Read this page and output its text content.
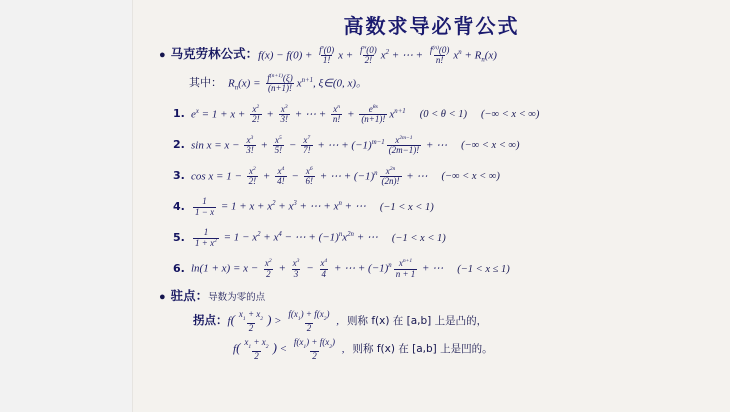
高数求导必背公式
● 马克劳林公式： $f(x) - f(0) + \frac{f'(0)}{1!}$ $x + \frac{f''(0)}{2!} x^2$ + ⋯ + $\frac{f^{(n)}(0)}{n!} x^n + R_n(x)$
其中： $R_n(x) = \frac{f^{(n+1)}(\xi)}{(n+1)!} x^{n+1}$, ξ∈(0, x)。
1. $e^x = 1 + x + \frac{x^2}{2!} + \frac{x^3}{3!}$ + ⋯ + $\frac{x^n}{n!} + \frac{e^{\theta x}}{(n+1)!} x^{n+1}$ (0 < θ < 1) (−∞ < x < ∞)
2. $\sin x = x - \frac{x^3}{3!} + \frac{x^5}{5!} - \frac{x^7}{7!}$ + ⋯ + $(-1)^{m-1} \frac{x^{2m-1}}{(2m-1)!}$ + ⋯ (−∞ < x < ∞)
3. $\cos x = 1 - \frac{x^2}{2!} + \frac{x^4}{4!} - \frac{x^6}{6!}$ + ⋯ + $(-1)^n \frac{x^{2n}}{(2n)!}$ + ⋯ (−∞ < x < ∞)
4. $\frac{1}{1 - x} = 1 + x + x^2 + x^3$ + ⋯ + $x^n$ + ⋯ (−1 < x < 1)
5. $\frac{1}{1 + x^2} = 1 - x^2 + x^4$ − ⋯ + $(-1)^nx^{2n}$ + ⋯ (−1 < x < 1)
6. $\ln(1 + x) = x - \frac{x^2}{2} + \frac{x^3}{3} - \frac{x^4}{4}$ + ⋯ + $(-1)^n \frac{x^{n+1}}{n + 1}$ + ⋯ (−1 < x ≤ 1)
● 驻点： 导数为零的点
拐点： $f( \frac{x_1 + x_2}{2}$ ) > $\frac{f(x_1) + f(x_2)}{2}$ , 则称 f(x) 在 [a,b] 上是凸的，
$f( \frac{x_1 + x_2}{2}$ ) < $\frac{f(x_1) + f(x_2)}{2}$ , 则称 f(x) 在 [a,b] 上是凹的。
